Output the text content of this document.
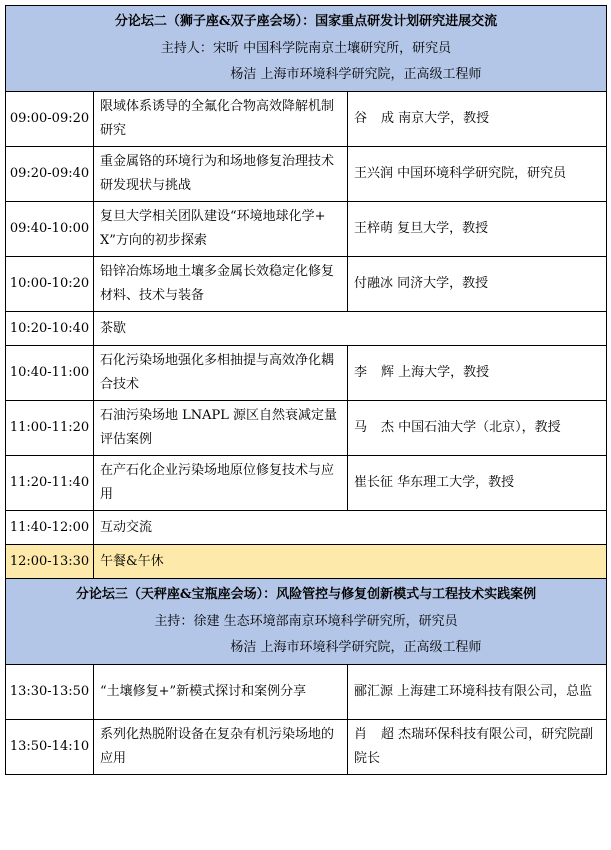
分论坛二（狮子座&双子座会场）：国家重点研发计划研究进展交流
主持人：宋昕 中国科学院南京土壤研究所，研究员
杨洁 上海市环境科学研究院，正高级工程师		

09:00-09:20	限域体系诱导的全氟化合物高效降解机制研究	谷 成 南京大学，教授
09:20-09:40	重金属铬的环境行为和场地修复治理技术研发现状与挑战	王兴润 中国环境科学研究院，研究员
09:40-10:00	复旦大学相关团队建设“环境地球化学+X”方向的初步探索	王梓萌 复旦大学，教授
10:00-10:20	铅锌冶炼场地土壤多金属长效稳定化修复材料、技术与装备	付融冰 同济大学，教授
10:20-10:40	茶歇	
10:40-11:00	石化污染场地强化多相抽提与高效净化耦合技术	李 辉 上海大学，教授
11:00-11:20	石油污染场地 LNAPL 源区自然衰减定量评估案例	马 杰 中国石油大学（北京），教授
11:20-11:40	在产石化企业污染场地原位修复技术与应用	崔长征 华东理工大学，教授
11:40-12:00	互动交流	
12:00-13:30	午餐&午休	

分论坛三（天秤座&宝瓶座会场）：风险管控与修复创新模式与工程技术实践案例
主持：徐建 生态环境部南京环境科学研究所，研究员
杨洁 上海市环境科学研究院，正高级工程师		

13:30-13:50	“土壤修复+”新模式探讨和案例分享	郦汇源 上海建工环境科技有限公司，总监
13:50-14:10	系列化热脱附设备在复杂有机污染场地的应用	肖 超 杰瑞环保科技有限公司，研究院副院长
